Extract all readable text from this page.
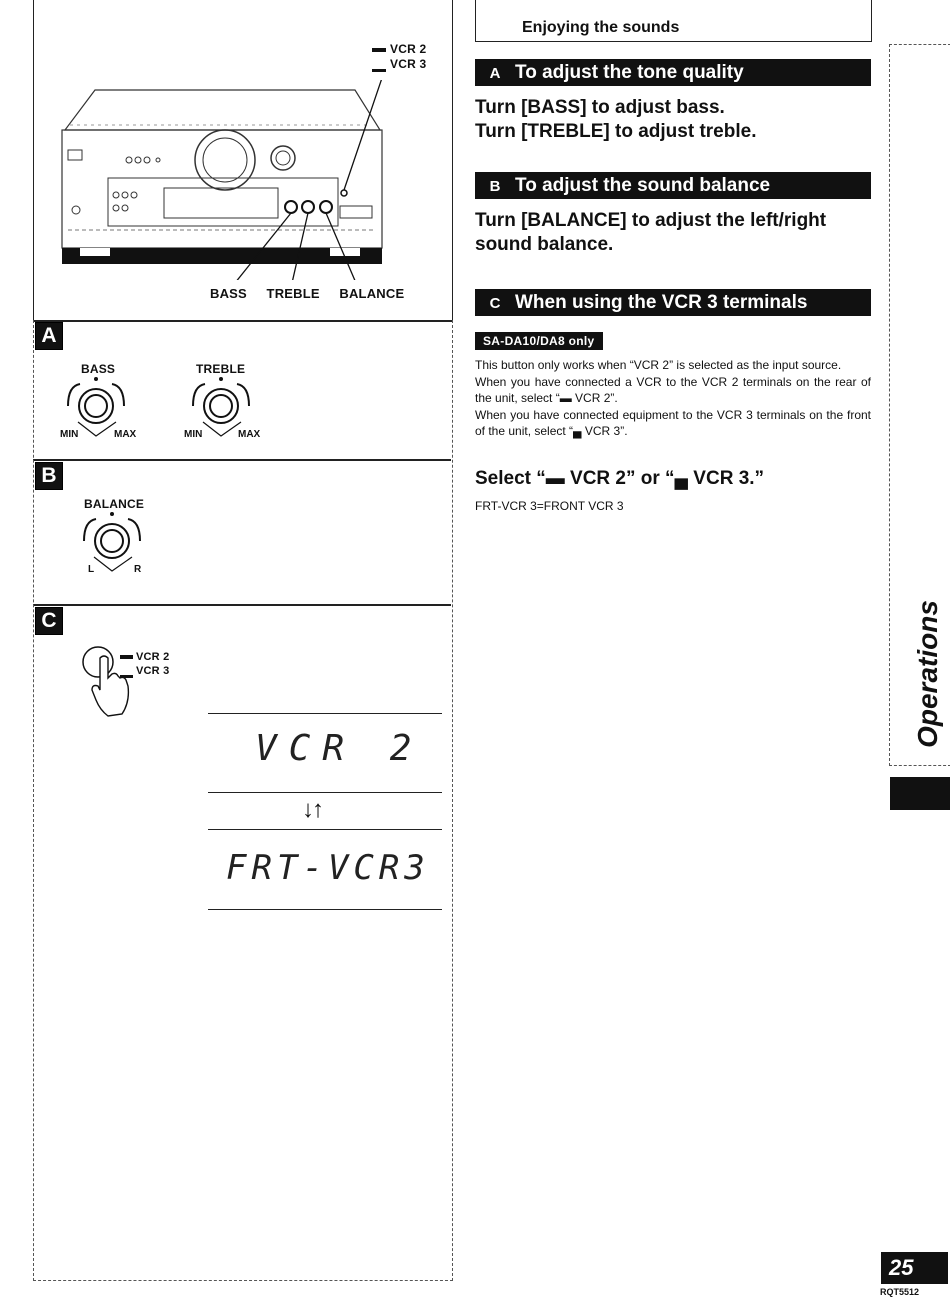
VCR 2
VCR 3
BASS TREBLE BALANCE
A
BASS
MIN	MAX
TREBLE
MIN	MAX
B
BALANCE
L	R
C
VCR 2
VCR 3
VCR 2
↓↑
FRT-VCR3
Enjoying the sounds
A To adjust the tone quality
Turn [BASS] to adjust bass.
Turn [TREBLE] to adjust treble.
B To adjust the sound balance
Turn [BALANCE] to adjust the left/right
sound balance.
C When using the VCR 3 terminals
SA-DA10/DA8 only
This button only works when “VCR 2” is selected as the input source.
When you have connected a VCR to the VCR 2 terminals on the rear of the unit, select “▬ VCR 2”.
When you have connected equipment to the VCR 3 terminals on the front of the unit, select “▄ VCR 3”.
Select “▬ VCR 2” or “▄ VCR 3.”
FRT-VCR 3=FRONT VCR 3
Operations
25
RQT5512
